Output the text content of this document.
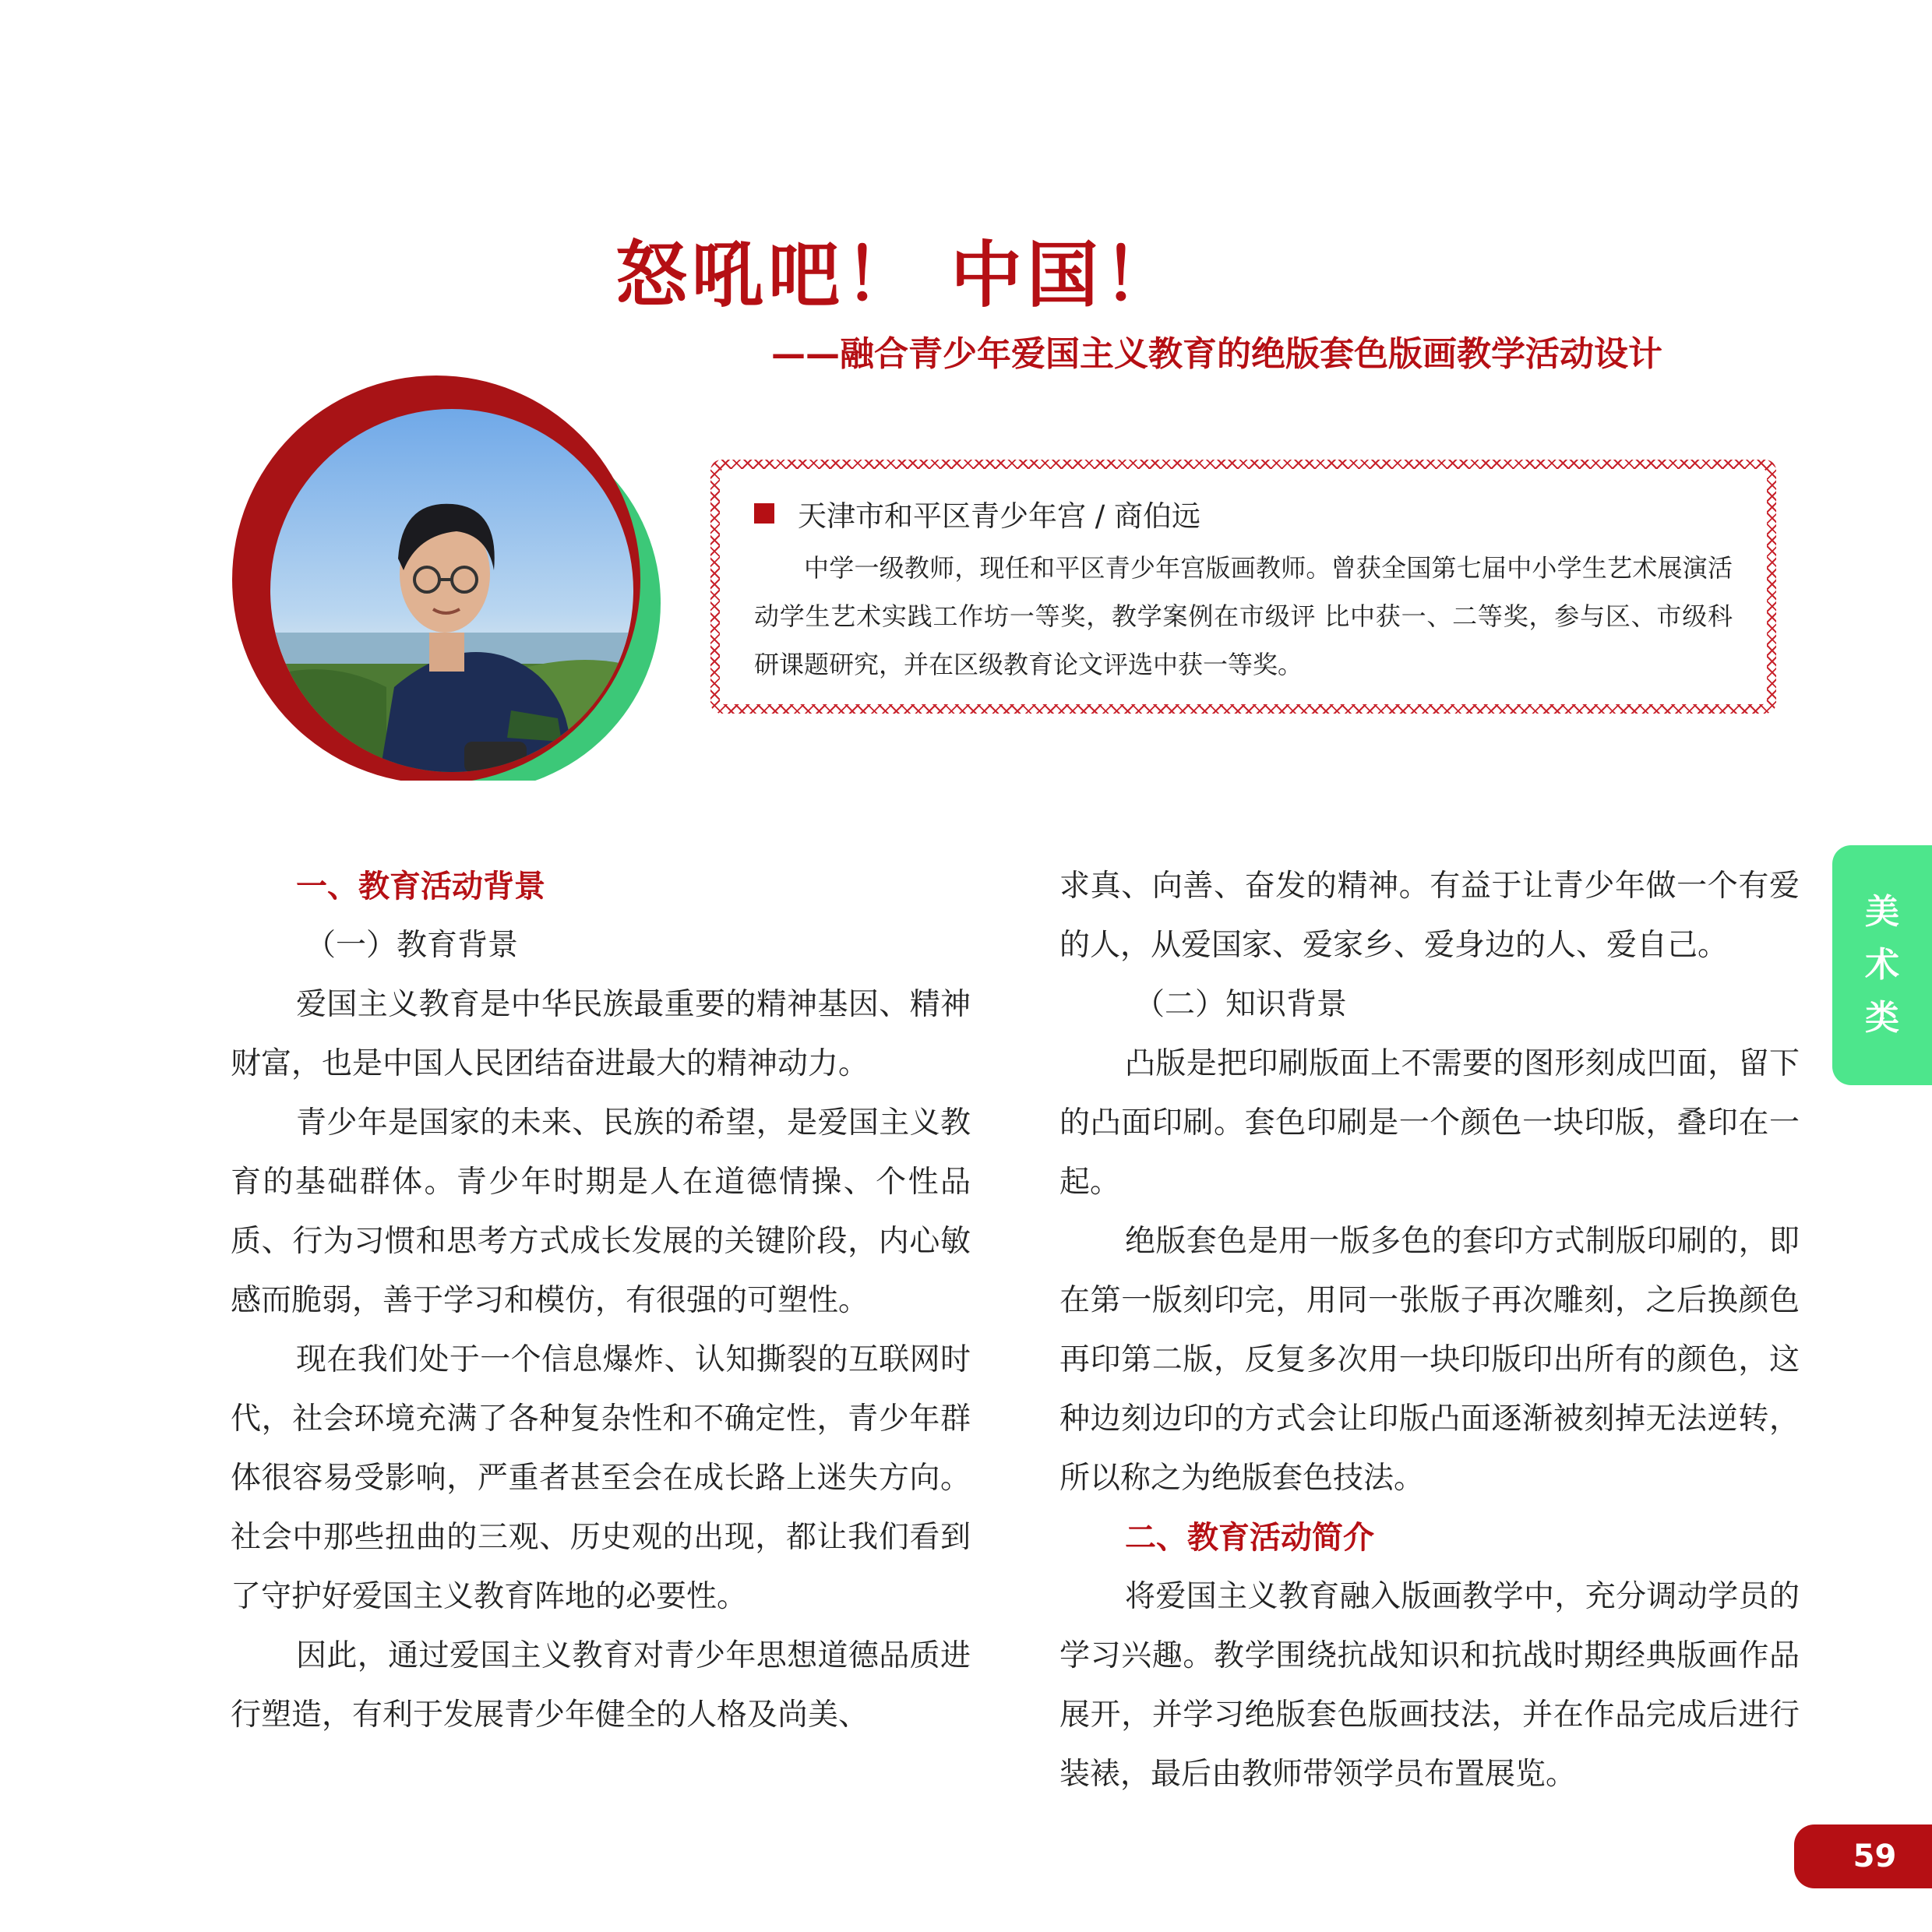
怒吼吧！ 中国！
——融合青少年爱国主义教育的绝版套色版画教学活动设计
天津市和平区青少年宫 / 商伯远
中学一级教师，现任和平区青少年宫版画教师。曾获全国第七届中小学生艺术展演活动学生艺术实践工作坊一等奖，教学案例在市级评 比中获一、二等奖，参与区、市级科研课题研究，并在区级教育论文评选中获一等奖。
一、教育活动背景
（一）教育背景

爱国主义教育是中华民族最重要的精神基因、精神财富，也是中国人民团结奋进最大的精神动力。

青少年是国家的未来、民族的希望，是爱国主义教育的基础群体。青少年时期是人在道德情操、个性品质、行为习惯和思考方式成长发展的关键阶段，内心敏感而脆弱，善于学习和模仿，有很强的可塑性。

现在我们处于一个信息爆炸、认知撕裂的互联网时代，社会环境充满了各种复杂性和不确定性，青少年群体很容易受影响，严重者甚至会在成长路上迷失方向。社会中那些扭曲的三观、历史观的出现，都让我们看到了守护好爱国主义教育阵地的必要性。

因此，通过爱国主义教育对青少年思想道德品质进行塑造，有利于发展青少年健全的人格及尚美、

求真、向善、奋发的精神。有益于让青少年做一个有爱的人，从爱国家、爱家乡、爱身边的人、爱自己。

（二）知识背景

凸版是把印刷版面上不需要的图形刻成凹面，留下的凸面印刷。套色印刷是一个颜色一块印版，叠印在一起。

绝版套色是用一版多色的套印方式制版印刷的，即在第一版刻印完，用同一张版子再次雕刻，之后换颜色再印第二版，反复多次用一块印版印出所有的颜色，这种边刻边印的方式会让印版凸面逐渐被刻掉无法逆转，所以称之为绝版套色技法。

二、教育活动简介

将爱国主义教育融入版画教学中，充分调动学员的学习兴趣。教学围绕抗战知识和抗战时期经典版画作品展开，并学习绝版套色版画技法，并在作品完成后进行装裱，最后由教师带领学员布置展览。

美
术
类
59
